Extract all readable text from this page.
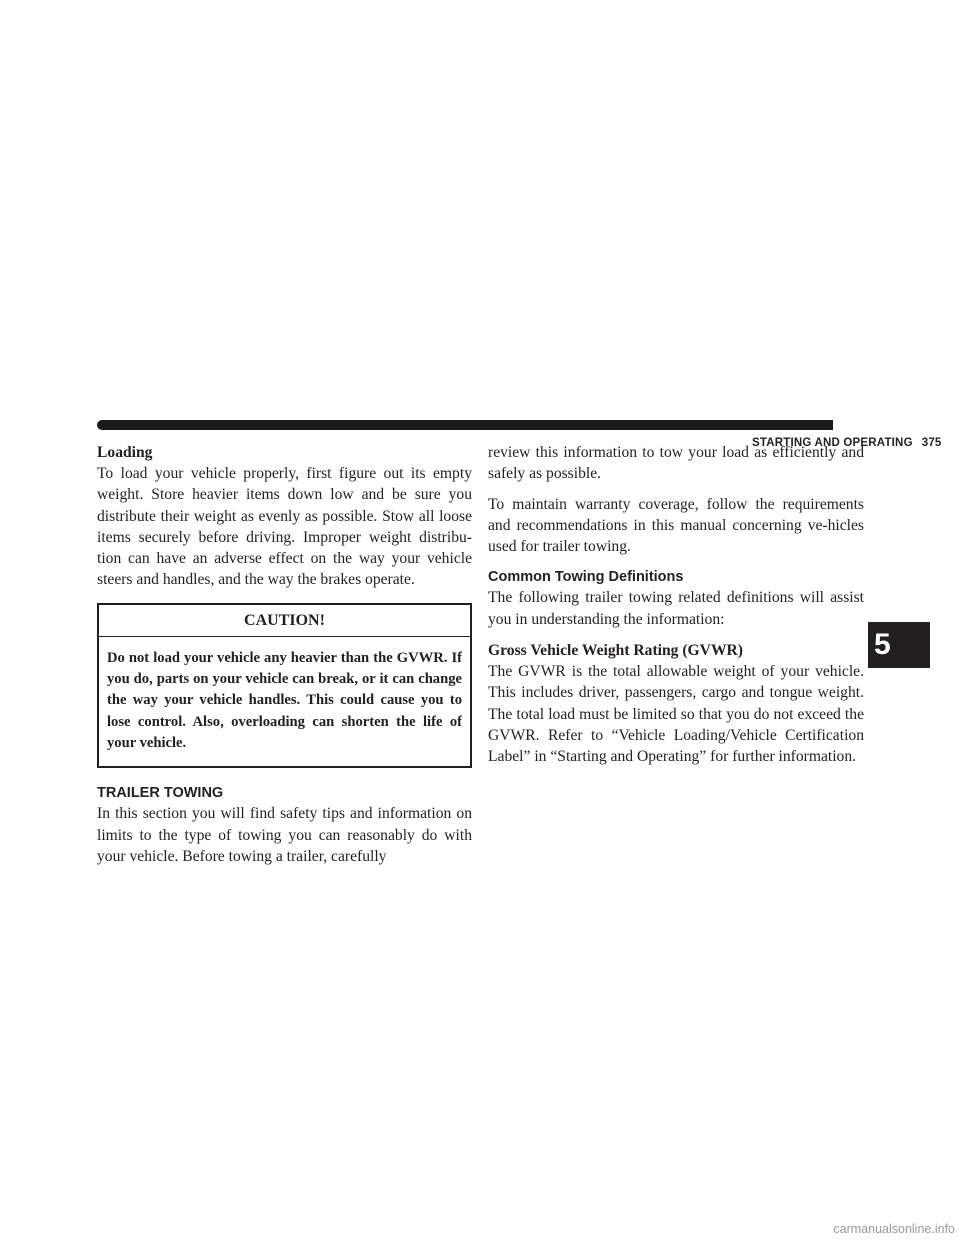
STARTING AND OPERATING 375
Loading

To load your vehicle properly, first figure out its empty weight. Store heavier items down low and be sure you distribute their weight as evenly as possible. Stow all loose items securely before driving. Improper weight distribu-tion can have an adverse effect on the way your vehicle steers and handles, and the way the brakes operate.

CAUTION!
Do not load your vehicle any heavier than the GVWR. If you do, parts on your vehicle can break, or it can change the way your vehicle handles. This could cause you to lose control. Also, overloading can shorten the life of your vehicle.
TRAILER TOWING

In this section you will find safety tips and information on limits to the type of towing you can reasonably do with your vehicle. Before towing a trailer, carefully

review this information to tow your load as efficiently and safely as possible.

To maintain warranty coverage, follow the requirements and recommendations in this manual concerning ve-hicles used for trailer towing.

Common Towing Definitions

The following trailer towing related definitions will assist you in understanding the information:

Gross Vehicle Weight Rating (GVWR)

The GVWR is the total allowable weight of your vehicle. This includes driver, passengers, cargo and tongue weight. The total load must be limited so that you do not exceed the GVWR. Refer to “Vehicle Loading/Vehicle Certification Label” in “Starting and Operating” for further information.

5
carmanualsonline.info
